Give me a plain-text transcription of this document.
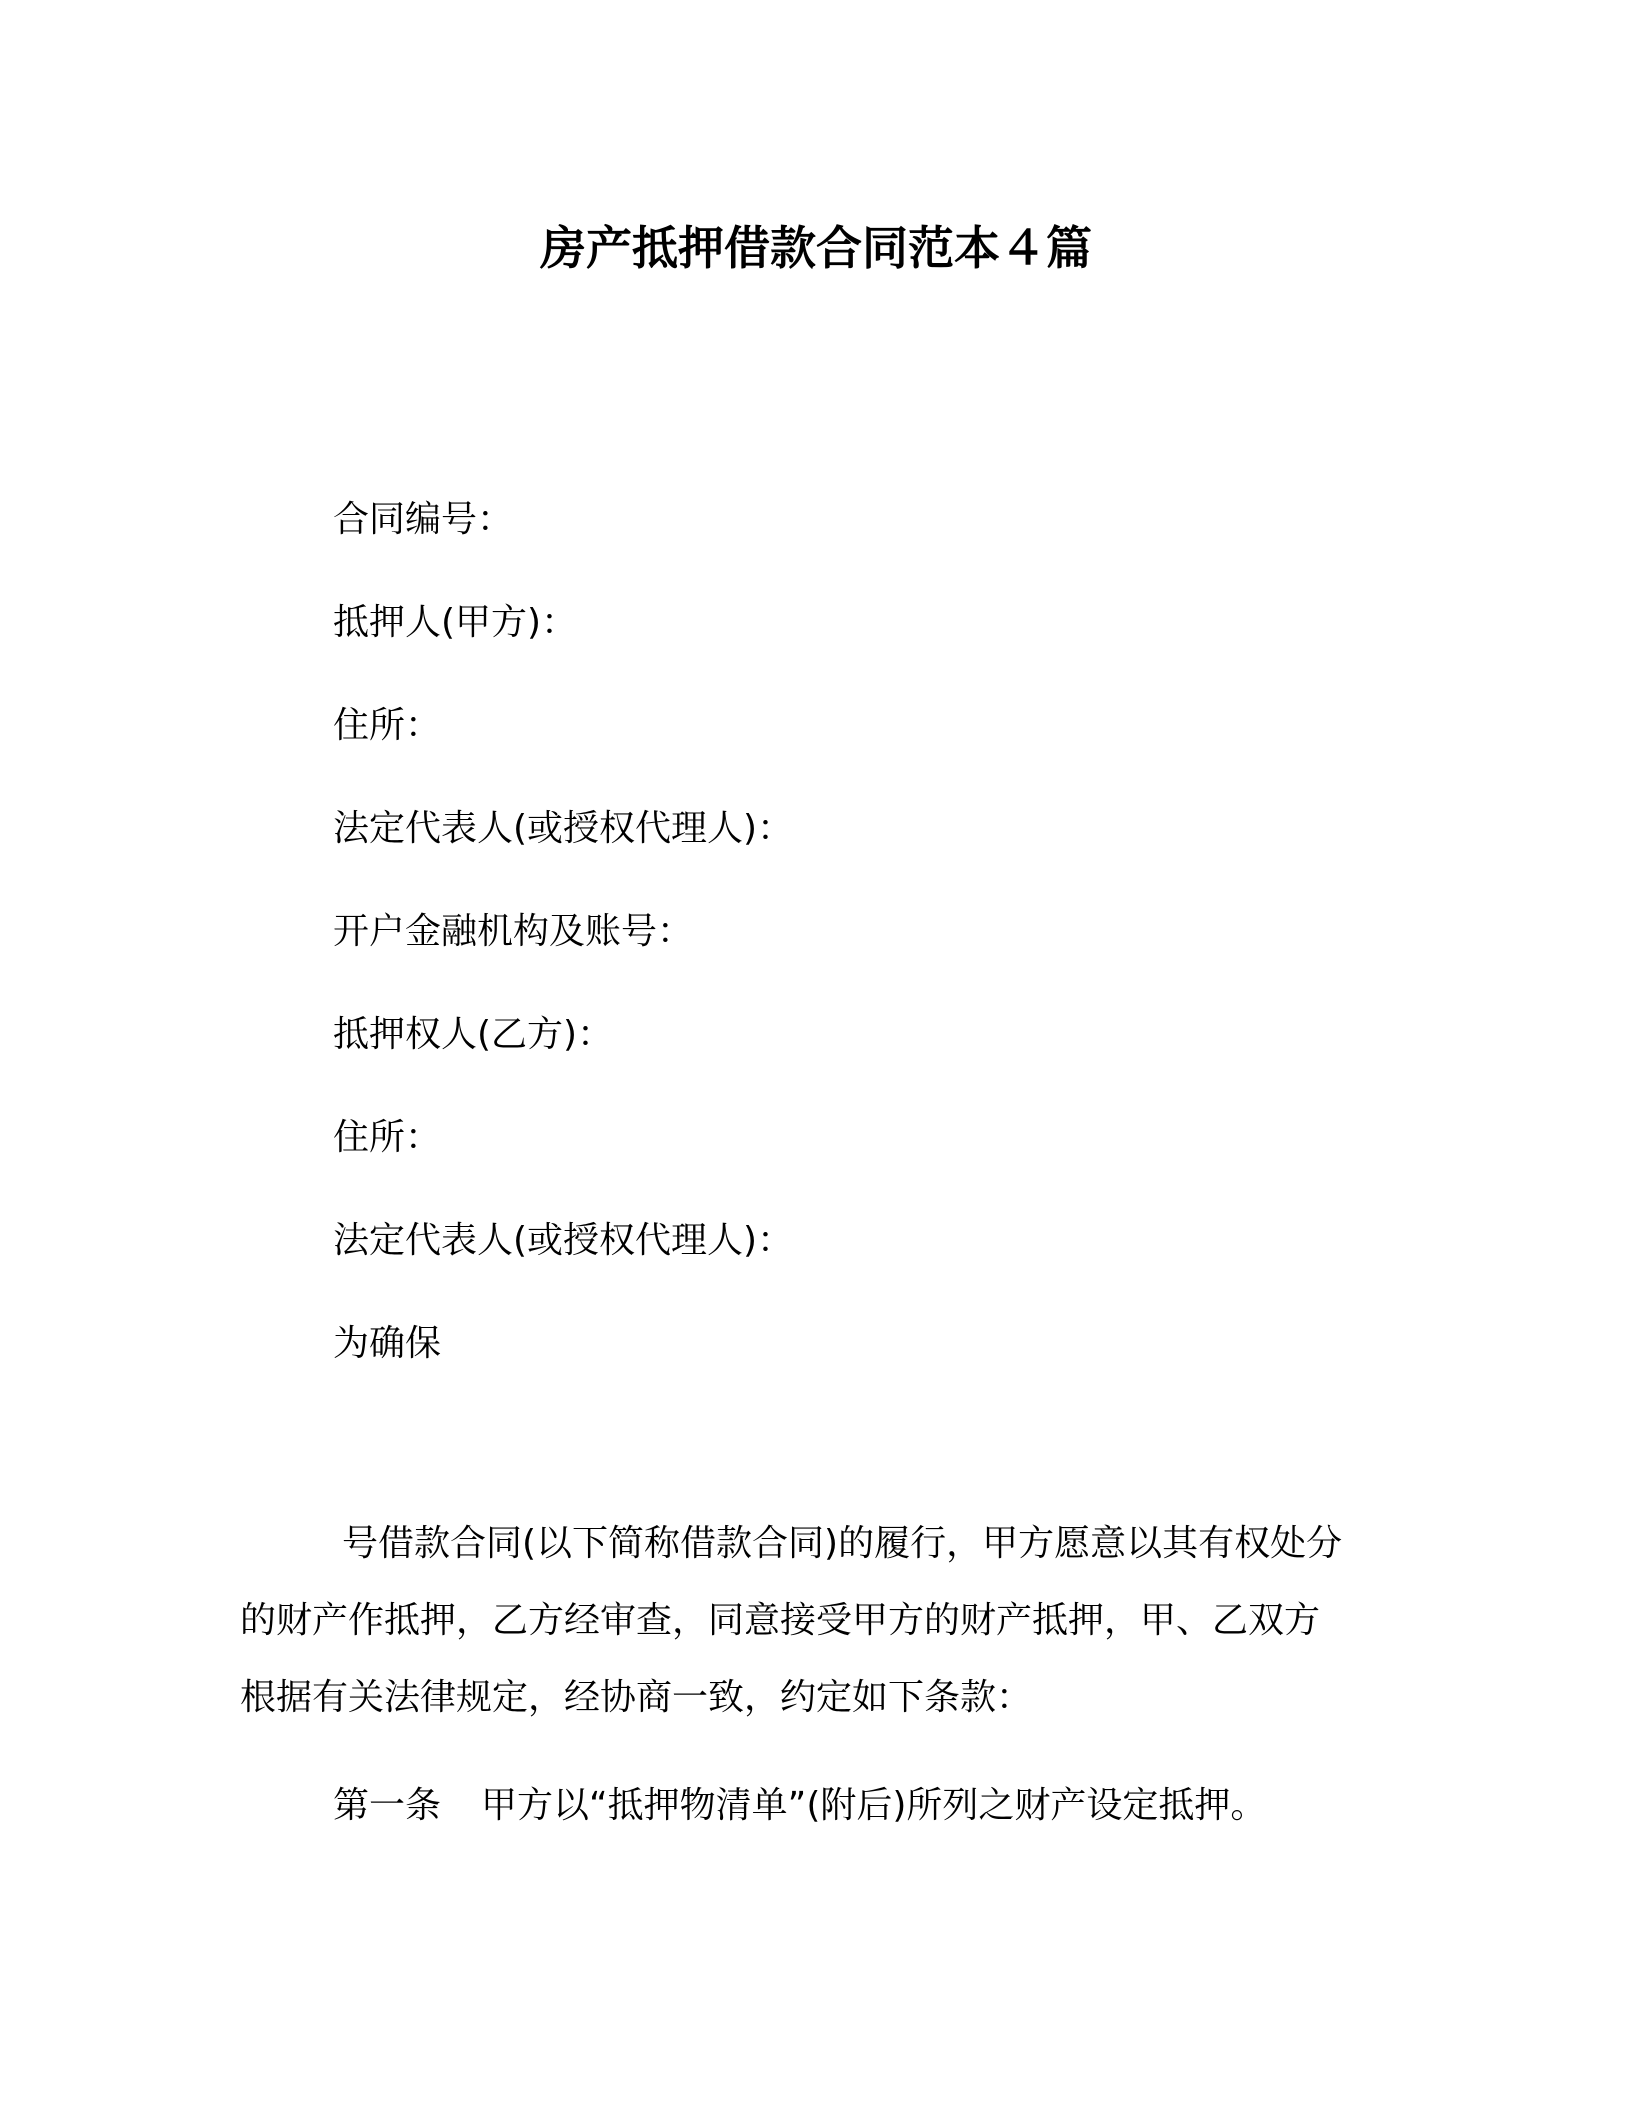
房产抵押借款合同范本４篇
合同编号：
抵押人(甲方)：
住所：
法定代表人(或授权代理人)：
开户金融机构及账号：
抵押权人(乙方)：
住所：
法定代表人(或授权代理人)：
为确保
号借款合同(以下简称借款合同)的履行，甲方愿意以其有权处分
的财产作抵押，乙方经审查，同意接受甲方的财产抵押，甲、乙双方
根据有关法律规定，经协商一致，约定如下条款：
第一条 甲方以“抵押物清单”(附后)所列之财产设定抵押。
